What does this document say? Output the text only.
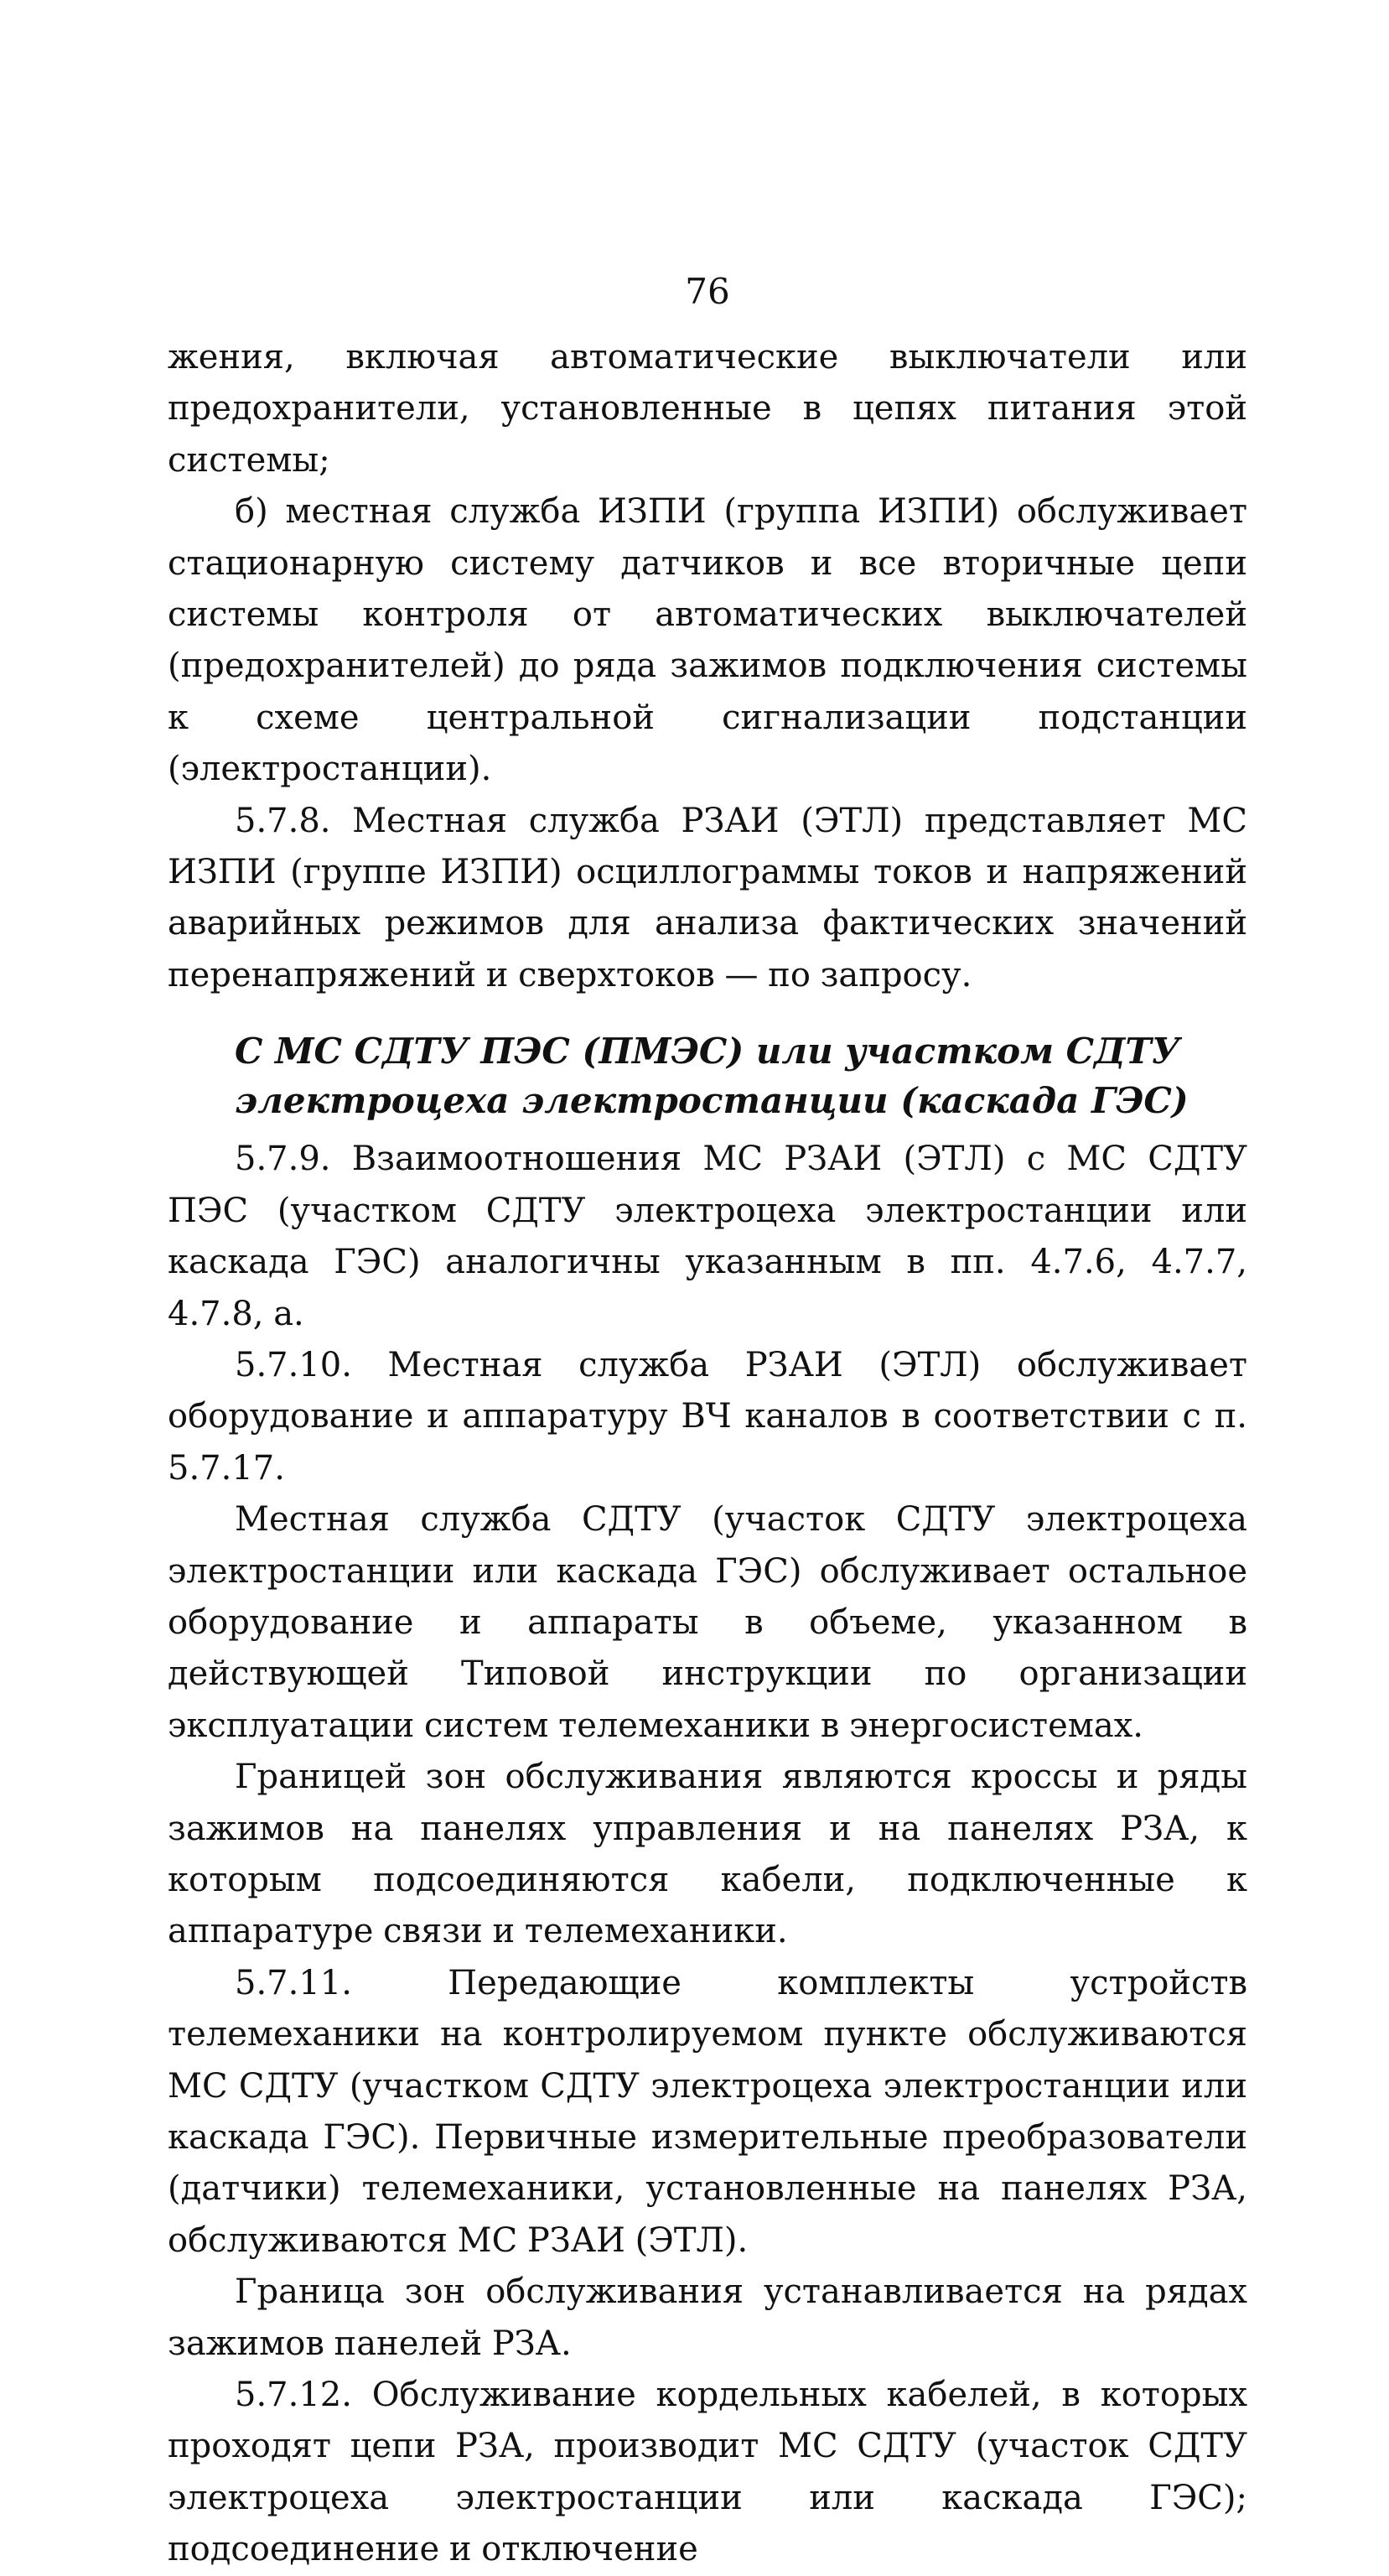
76

жения, включая автоматические выключатели или предохранители, установленные в цепях питания этой системы;

б) местная служба ИЗПИ (группа ИЗПИ) обслуживает стационарную систему датчиков и все вторичные цепи системы контроля от автоматических выключателей (предохранителей) до ряда зажимов подключения системы к схеме центральной сигнализации подстанции (электростанции).

5.7.8. Местная служба РЗАИ (ЭТЛ) представляет МС ИЗПИ (группе ИЗПИ) осциллограммы токов и напряжений аварийных режимов для анализа фактических значений перенапряжений и сверхтоков — по запросу.

С МС СДТУ ПЭС (ПМЭС) или участком СДТУ
электроцеха электростанции (каскада ГЭС)

5.7.9. Взаимоотношения МС РЗАИ (ЭТЛ) с МС СДТУ ПЭС (участком СДТУ электроцеха электростанции или каскада ГЭС) аналогичны указанным в пп. 4.7.6, 4.7.7, 4.7.8, а.

5.7.10. Местная служба РЗАИ (ЭТЛ) обслуживает оборудование и аппаратуру ВЧ каналов в соответствии с п. 5.7.17.

Местная служба СДТУ (участок СДТУ электроцеха электростанции или каскада ГЭС) обслуживает остальное оборудование и аппараты в объеме, указанном в действующей Типовой инструкции по организации эксплуатации систем телемеханики в энергосистемах.

Границей зон обслуживания являются кроссы и ряды зажимов на панелях управления и на панелях РЗА, к которым подсоединяются кабели, подключенные к аппаратуре связи и телемеханики.

5.7.11. Передающие комплекты устройств телемеханики на контролируемом пункте обслуживаются МС СДТУ (участком СДТУ электроцеха электростанции или каскада ГЭС). Первичные измерительные преобразователи (датчики) телемеханики, установленные на панелях РЗА, обслуживаются МС РЗАИ (ЭТЛ).

Граница зон обслуживания устанавливается на рядах зажимов панелей РЗА.

5.7.12. Обслуживание кордельных кабелей, в которых проходят цепи РЗА, производит МС СДТУ (участок СДТУ электроцеха электростанции или каскада ГЭС); подсоединение и отключение
